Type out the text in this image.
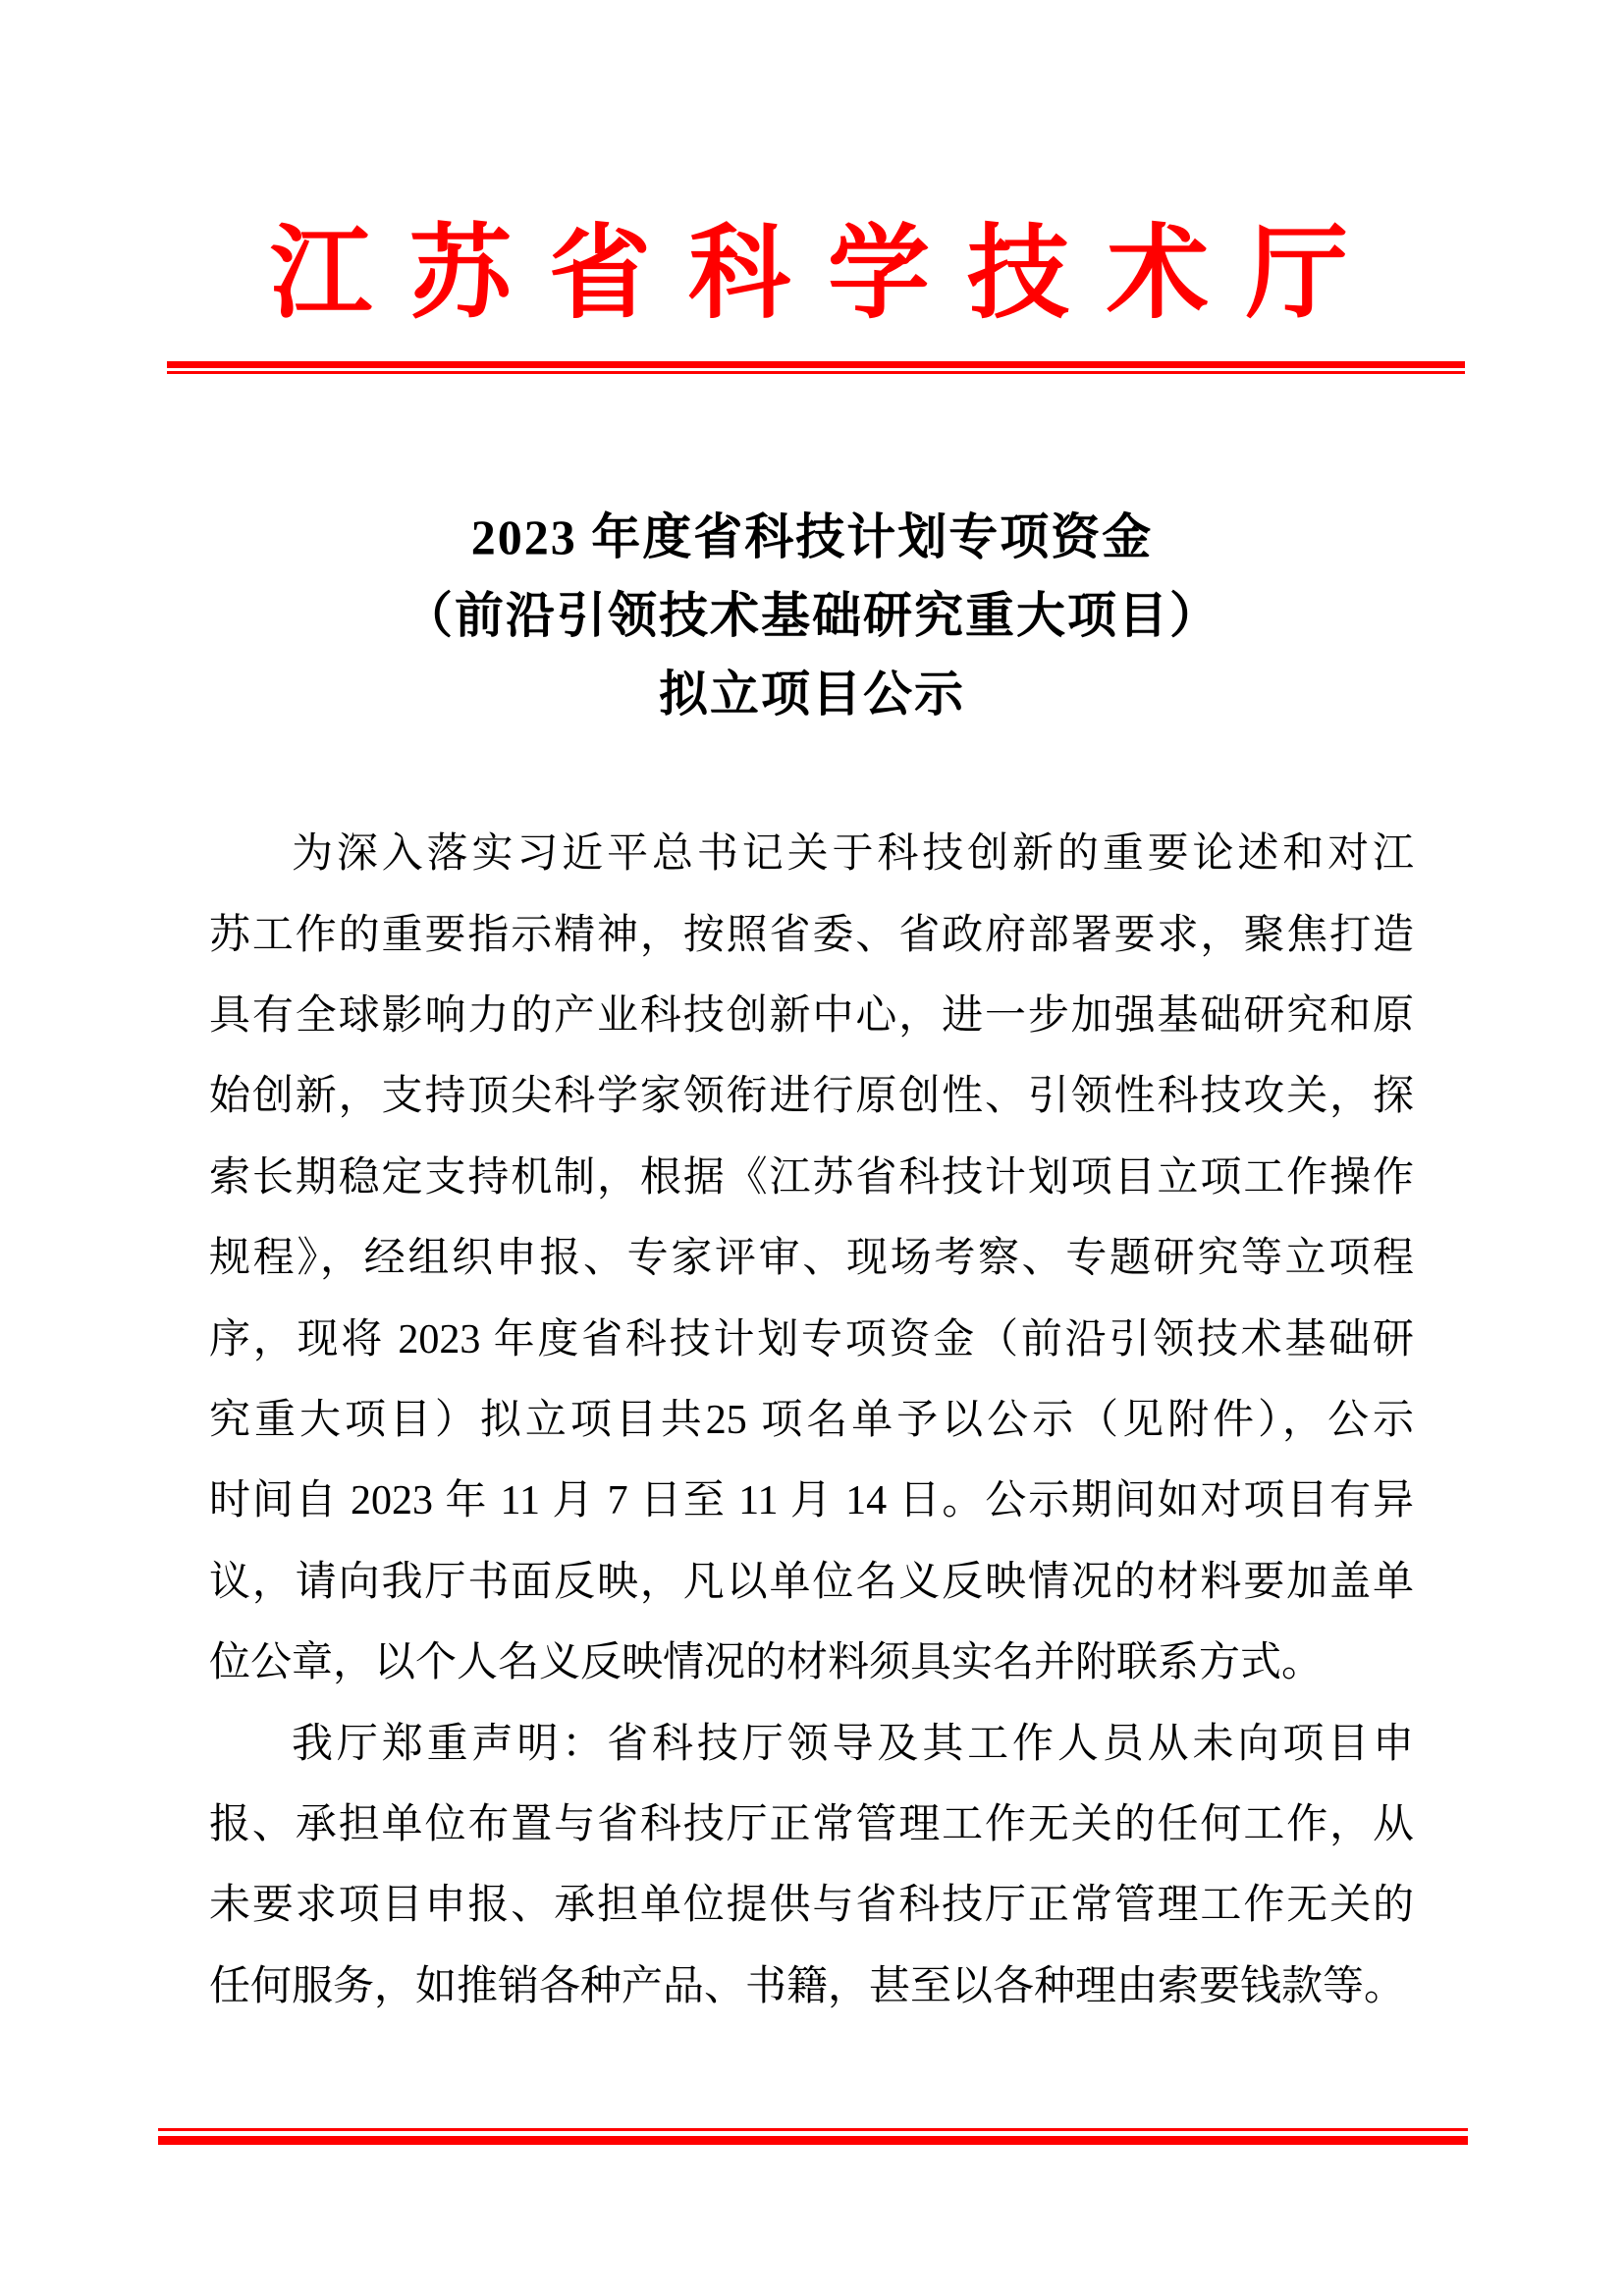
江 苏 省 科 学 技 术 厅
2023 年度省科技计划专项资金
（前沿引领技术基础研究重大项目）
拟立项目公示
为深入落实习近平总书记关于科技创新的重要论述和对江
苏工作的重要指示精神，按照省委、省政府部署要求，聚焦打造
具有全球影响力的产业科技创新中心，进一步加强基础研究和原
始创新，支持顶尖科学家领衔进行原创性、引领性科技攻关，探
索长期稳定支持机制，根据《江苏省科技计划项目立项工作操作
规程》，经组织申报、专家评审、现场考察、专题研究等立项程
序，现将 2023 年度省科技计划专项资金（前沿引领技术基础研
究重大项目）拟立项目共25 项名单予以公示（见附件），公示
时间自 2023 年 11 月 7 日至 11 月 14 日。公示期间如对项目有异
议，请向我厅书面反映，凡以单位名义反映情况的材料要加盖单
位公章，以个人名义反映情况的材料须具实名并附联系方式。
我厅郑重声明：省科技厅领导及其工作人员从未向项目申
报、承担单位布置与省科技厅正常管理工作无关的任何工作，从
未要求项目申报、承担单位提供与省科技厅正常管理工作无关的
任何服务，如推销各种产品、书籍，甚至以各种理由索要钱款等。
